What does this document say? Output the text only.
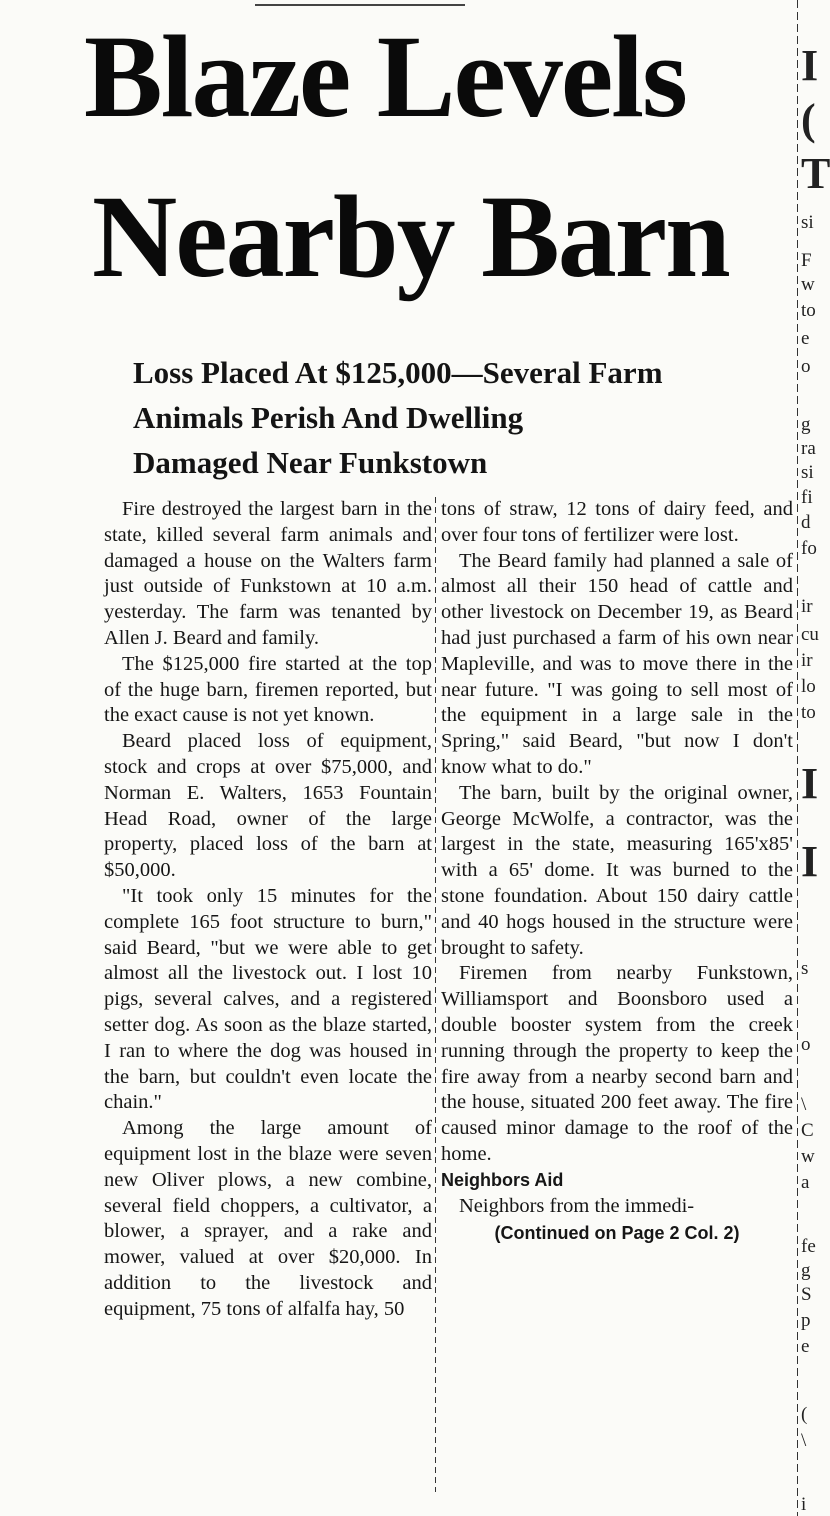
Blaze Levels
Nearby Barn
Loss Placed At $125,000—Several Farm
Animals Perish And Dwelling
Damaged Near Funkstown

Fire destroyed the largest barn in the state, killed several farm animals and damaged a house on the Walters farm just outside of Funkstown at 10 a.m. yesterday. The farm was tenanted by Allen J. Beard and family.

The $125,000 fire started at the top of the huge barn, firemen reported, but the exact cause is not yet known.

Beard placed loss of equipment, stock and crops at over $75,000, and Norman E. Walters, 1653 Fountain Head Road, owner of the large property, placed loss of the barn at $50,000.

"It took only 15 minutes for the complete 165 foot structure to burn," said Beard, "but we were able to get almost all the livestock out. I lost 10 pigs, several calves, and a registered setter dog. As soon as the blaze started, I ran to where the dog was housed in the barn, but couldn't even locate the chain."

Among the large amount of equipment lost in the blaze were seven new Oliver plows, a new combine, several field choppers, a cultivator, a blower, a sprayer, and a rake and mower, valued at over $20,000. In addition to the livestock and equipment, 75 tons of alfalfa hay, 50

tons of straw, 12 tons of dairy feed, and over four tons of fertilizer were lost.

The Beard family had planned a sale of almost all their 150 head of cattle and other livestock on December 19, as Beard had just purchased a farm of his own near Mapleville, and was to move there in the near future. "I was going to sell most of the equipment in a large sale in the Spring," said Beard, "but now I don't know what to do."

The barn, built by the original owner, George McWolfe, a contractor, was the largest in the state, measuring 165'x85' with a 65' dome. It was burned to the stone foundation. About 150 dairy cattle and 40 hogs housed in the structure were brought to safety.

Firemen from nearby Funkstown, Williamsport and Boonsboro used a double booster system from the creek running through the property to keep the fire away from a nearby second barn and the house, situated 200 feet away. The fire caused minor damage to the roof of the home.

Neighbors Aid

Neighbors from the immedi-

(Continued on Page 2 Col. 2)
I
(
T
si
F
w
to
e
o
g
ra
si
fi
d
fo
ir
cu
ir
lo
to
I
I
s
o
\
C
w
a
fe
g
S
p
e
(
\
i
